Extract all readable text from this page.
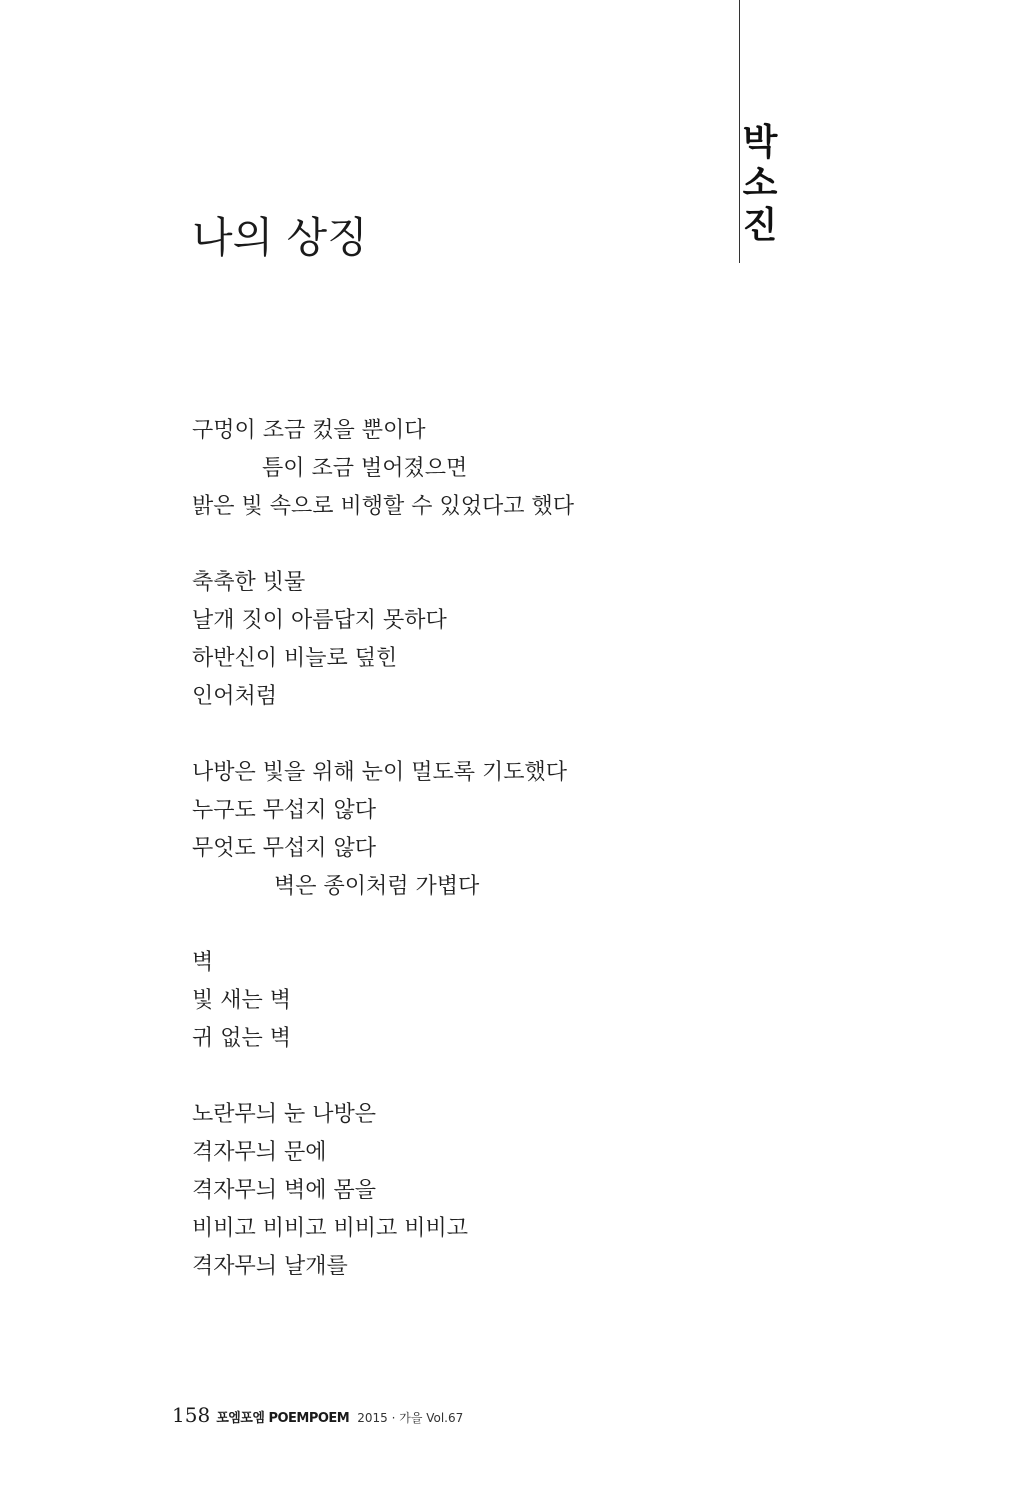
박
소
진
나의 상징
구멍이 조금 컸을 뿐이다
틈이 조금 벌어졌으면
밝은 빛 속으로 비행할 수 있었다고 했다
축축한 빗물
날개 짓이 아름답지 못하다
하반신이 비늘로 덮힌
인어처럼
나방은 빛을 위해 눈이 멀도록 기도했다
누구도 무섭지 않다
무엇도 무섭지 않다
벽은 종이처럼 가볍다
벽
빛 새는 벽
귀 없는 벽
노란무늬 눈 나방은
격자무늬 문에
격자무늬 벽에 몸을
비비고 비비고 비비고 비비고
격자무늬 날개를
158 포엠포엠 POEMPOEM 2015 · 가을 Vol.67
